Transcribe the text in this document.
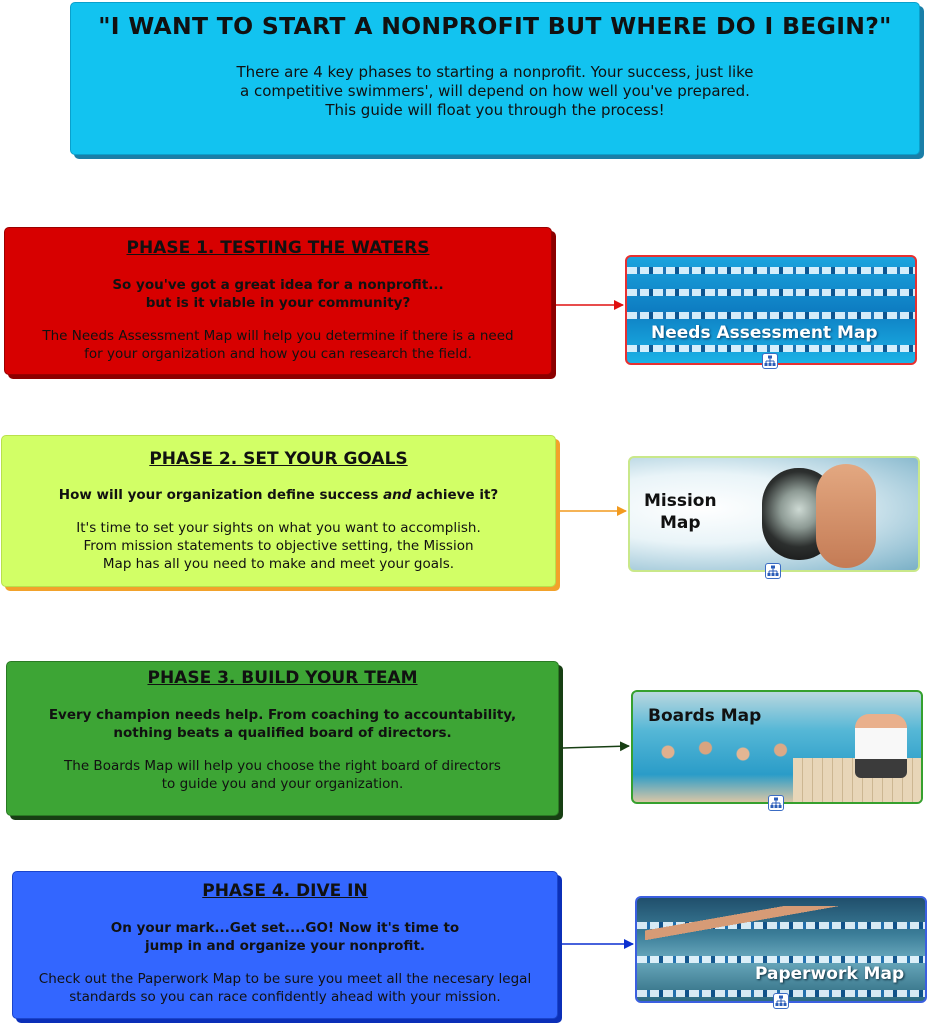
"I WANT TO START A NONPROFIT BUT WHERE DO I BEGIN?"
There are 4 key phases to starting a nonprofit. Your success, just like
a competitive swimmers', will depend on how well you've prepared.
This guide will float you through the process!
PHASE 1. TESTING THE WATERS
So you've got a great idea for a nonprofit...
but is it viable in your community?
The Needs Assessment Map will help you determine if there is a need
for your organization and how you can research the field.
PHASE 2. SET YOUR GOALS
How will your organization define success and achieve it?
It's time to set your sights on what you want to accomplish.
From mission statements to objective setting, the Mission
Map has all you need to make and meet your goals.
PHASE 3. BUILD YOUR TEAM
Every champion needs help. From coaching to accountability,
nothing beats a qualified board of directors.
The Boards Map will help you choose the right board of directors
to guide you and your organization.
PHASE 4. DIVE IN
On your mark...Get set....GO! Now it's time to
jump in and organize your nonprofit.
Check out the Paperwork Map to be sure you meet all the necesary legal
standards so you can race confidently ahead with your mission.
Needs Assessment Map
Mission
Map
Boards Map
Paperwork Map
